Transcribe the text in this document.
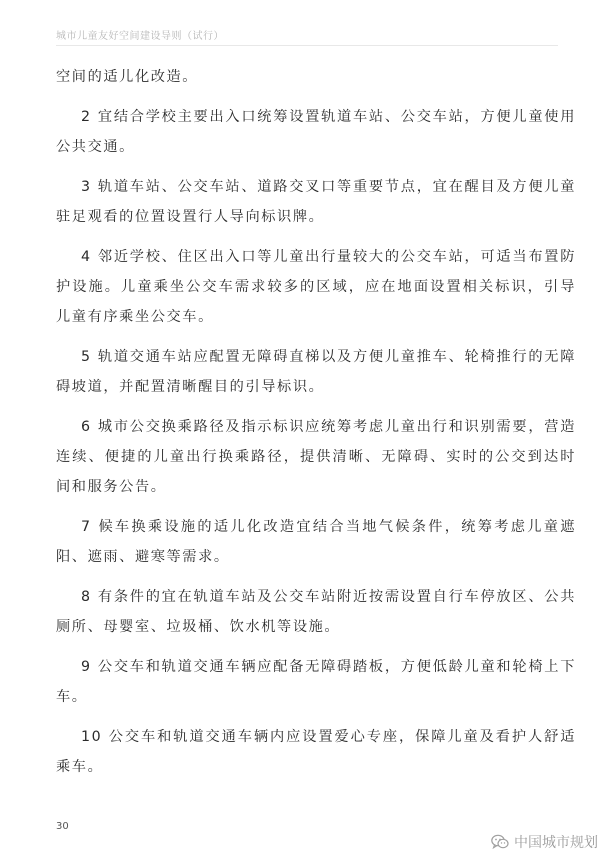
城市儿童友好空间建设导则（试行）

空间的适儿化改造。

2 宜结合学校主要出入口统筹设置轨道车站、公交车站，方便儿童使用公共交通。

3 轨道车站、公交车站、道路交叉口等重要节点，宜在醒目及方便儿童驻足观看的位置设置行人导向标识牌。

4 邻近学校、住区出入口等儿童出行量较大的公交车站，可适当布置防护设施。儿童乘坐公交车需求较多的区域，应在地面设置相关标识，引导儿童有序乘坐公交车。

5 轨道交通车站应配置无障碍直梯以及方便儿童推车、轮椅推行的无障碍坡道，并配置清晰醒目的引导标识。

6 城市公交换乘路径及指示标识应统筹考虑儿童出行和识别需要，营造连续、便捷的儿童出行换乘路径，提供清晰、无障碍、实时的公交到达时间和服务公告。

7 候车换乘设施的适儿化改造宜结合当地气候条件，统筹考虑儿童遮阳、遮雨、避寒等需求。

8 有条件的宜在轨道车站及公交车站附近按需设置自行车停放区、公共厕所、母婴室、垃圾桶、饮水机等设施。

9 公交车和轨道交通车辆应配备无障碍踏板，方便低龄儿童和轮椅上下车。

10 公交车和轨道交通车辆内应设置爱心专座，保障儿童及看护人舒适乘车。

30
中国城市规划
